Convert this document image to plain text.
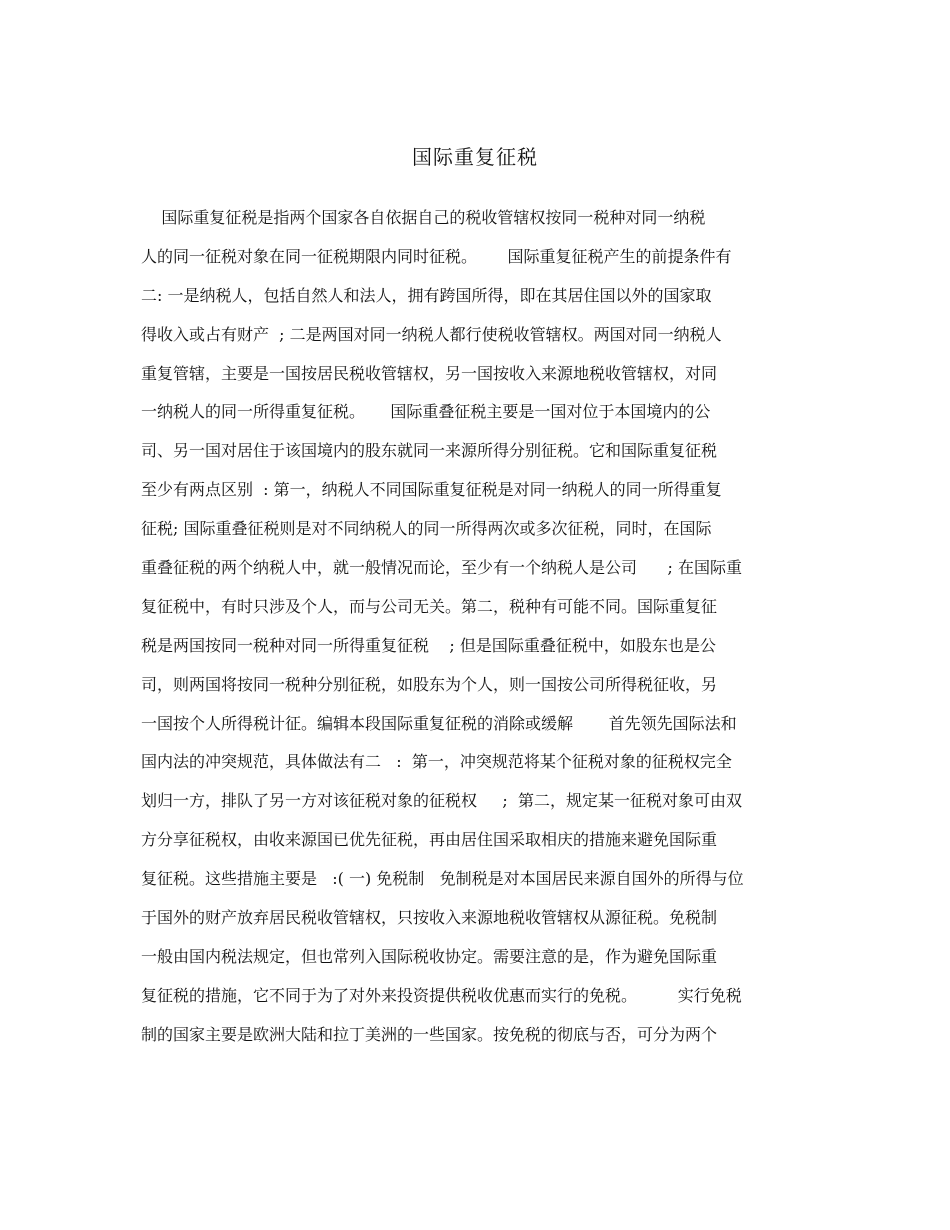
国际重复征税
国际重复征税是指两个国家各自依据自己的税收管辖权按同一税种对同一纳税
人的同一征税对象在同一征税期限内同时征税。      国际重复征税产生的前提条件有
二: 一是纳税人，包括自然人和法人，拥有跨国所得，即在其居住国以外的国家取
得收入或占有财产  ; 二是两国对同一纳税人都行使税收管辖权。两国对同一纳税人
重复管辖，主要是一国按居民税收管辖权，另一国按收入来源地税收管辖权，对同
一纳税人的同一所得重复征税。     国际重叠征税主要是一国对位于本国境内的公
司、另一国对居住于该国境内的股东就同一来源所得分别征税。它和国际重复征税
至少有两点区别  : 第一，纳税人不同国际重复征税是对同一纳税人的同一所得重复
征税; 国际重叠征税则是对不同纳税人的同一所得两次或多次征税，同时，在国际
重叠征税的两个纳税人中，就一般情况而论，至少有一个纳税人是公司      ; 在国际重
复征税中，有时只涉及个人，而与公司无关。第二，税种有可能不同。国际重复征
税是两国按同一税种对同一所得重复征税    ; 但是国际重叠征税中，如股东也是公
司，则两国将按同一税种分别征税，如股东为个人，则一国按公司所得税征收，另
一国按个人所得税计征。编辑本段国际重复征税的消除或缓解       首先领先国际法和
国内法的冲突规范，具体做法有二   :  第一，冲突规范将某个征税对象的征税权完全
划归一方，排队了另一方对该征税对象的征税权     ;  第二，规定某一征税对象可由双
方分享征税权，由收来源国已优先征税，再由居住国采取相庆的措施来避免国际重
复征税。这些措施主要是   :( 一) 免税制   免制税是对本国居民来源自国外的所得与位
于国外的财产放弃居民税收管辖权，只按收入来源地税收管辖权从源征税。免税制
一般由国内税法规定，但也常列入国际税收协定。需要注意的是，作为避免国际重
复征税的措施，它不同于为了对外来投资提供税收优惠而实行的免税。        实行免税
制的国家主要是欧洲大陆和拉丁美洲的一些国家。按免税的彻底与否，可分为两个
